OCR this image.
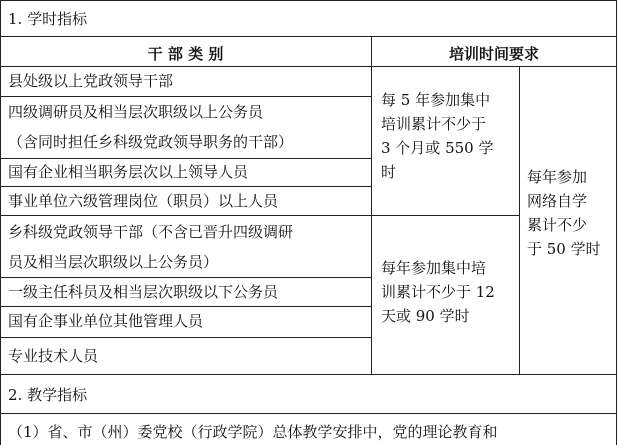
1. 学时指标
干 部 类 别	培训时间要求
县处级以上党政领导干部
四级调研员及相当层次职级以上公务员
（含同时担任乡科级党政领导职务的干部）
国有企业相当职务层次以上领导人员
事业单位六级管理岗位（职员）以上人员
乡科级党政领导干部（不含已晋升四级调研
员及相当层次职级以上公务员）
一级主任科员及相当层次职级以下公务员
国有企事业单位其他管理人员
专业技术人员
每 5 年参加集中
培训累计不少于
3 个月或 550 学
时
每年参加集中培
训累计不少于 12
天或 90 学时
每年参加
网络自学
累计不少
于 50 学时
2. 教学指标
（1）省、市（州）委党校（行政学院）总体教学安排中，党的理论教育和
